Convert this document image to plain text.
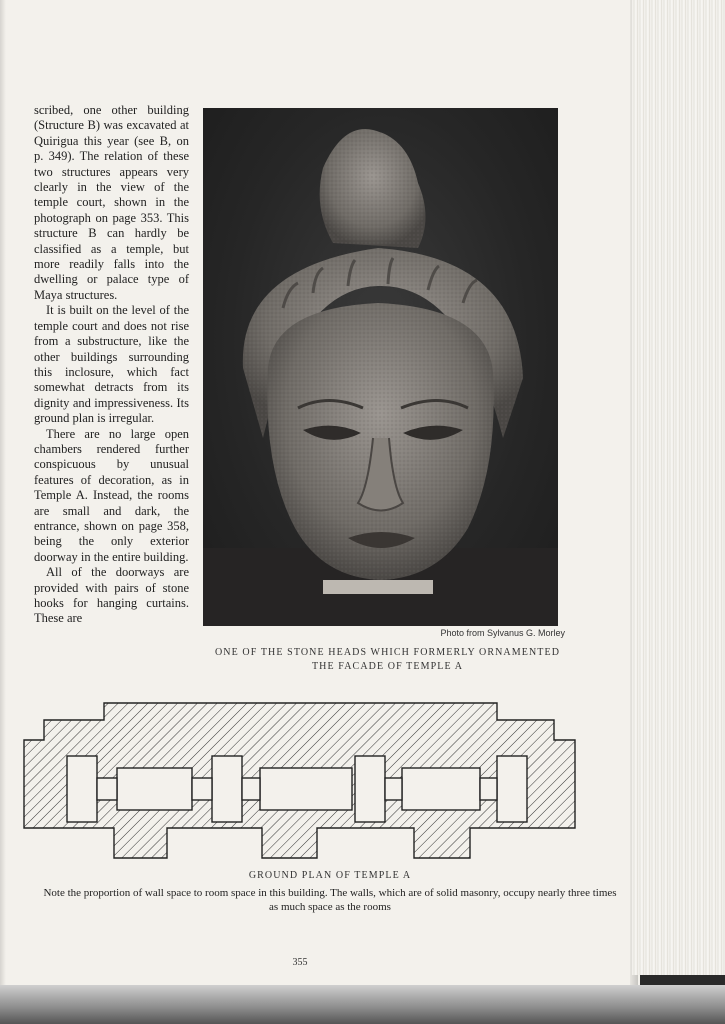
scribed, one other building (Structure B) was excavated at Quirigua this year (see B, on p. 349). The relation of these two structures appears very clearly in the view of the temple court, shown in the photograph on page 353. This structure B can hardly be classified as a temple, but more readily falls into the dwelling or palace type of Maya structures.

It is built on the level of the temple court and does not rise from a substructure, like the other buildings surrounding this inclosure, which fact somewhat detracts from its dignity and impressiveness. Its ground plan is irregular.

There are no large open chambers rendered further conspicuous by unusual features of decoration, as in Temple A. Instead, the rooms are small and dark, the entrance, shown on page 358, being the only exterior doorway in the entire building.

All of the doorways are provided with pairs of stone hooks for hanging curtains. These are

Photo from Sylvanus G. Morley
ONE OF THE STONE HEADS WHICH FORMERLY ORNAMENTED
THE FACADE OF TEMPLE A
GROUND PLAN OF TEMPLE A
Note the proportion of wall space to room space in this building. The walls, which are of solid masonry, occupy nearly three times as much space as the rooms
355
